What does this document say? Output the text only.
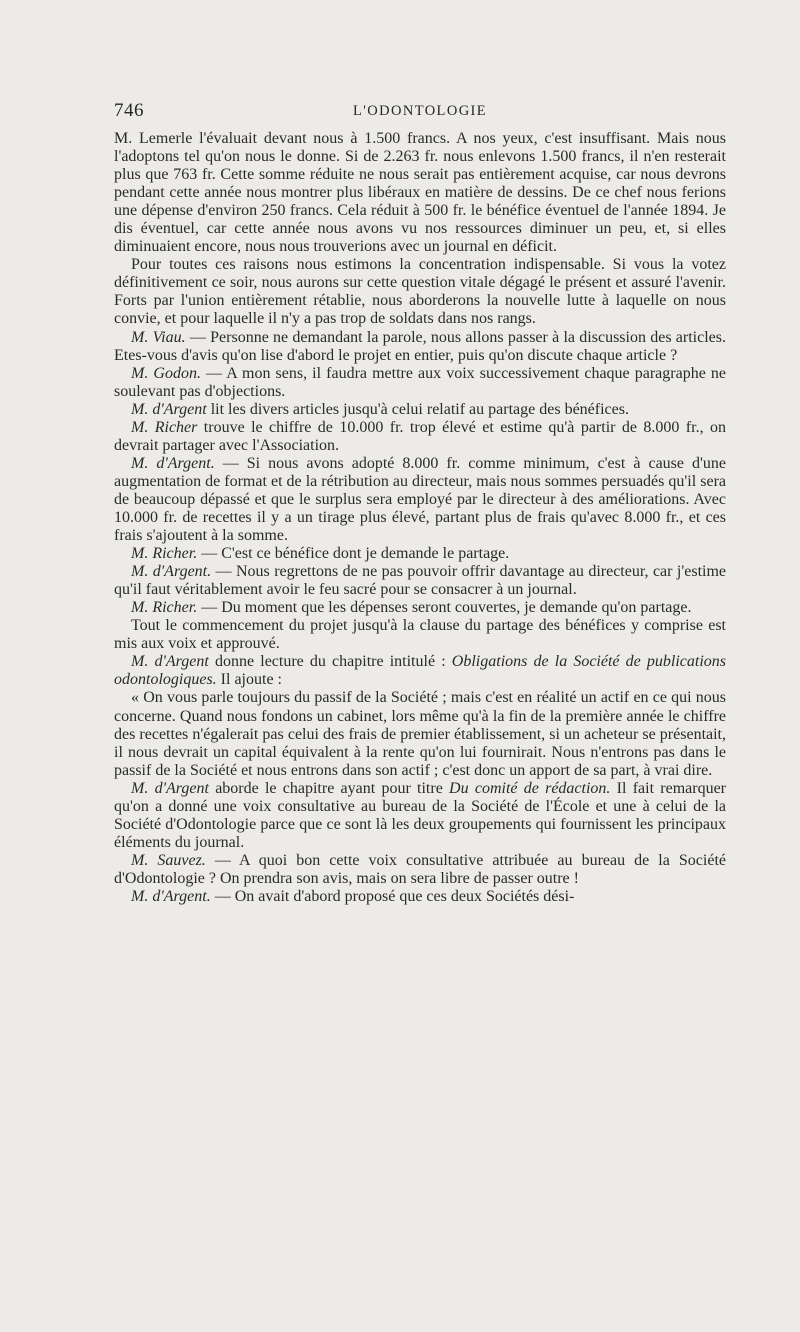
746	L'ODONTOLOGIE

M. Lemerle l'évaluait devant nous à 1.500 francs. A nos yeux, c'est insuffisant. Mais nous l'adoptons tel qu'on nous le donne. Si de 2.263 fr. nous enlevons 1.500 francs, il n'en resterait plus que 763 fr. Cette somme réduite ne nous serait pas entièrement acquise, car nous devrons pendant cette année nous montrer plus libéraux en matière de dessins. De ce chef nous ferions une dépense d'environ 250 francs. Cela réduit à 500 fr. le bénéfice éventuel de l'année 1894. Je dis éventuel, car cette année nous avons vu nos ressources diminuer un peu, et, si elles diminuaient encore, nous nous trouverions avec un journal en déficit.

Pour toutes ces raisons nous estimons la concentration indispensable. Si vous la votez définitivement ce soir, nous aurons sur cette question vitale dégagé le présent et assuré l'avenir. Forts par l'union entièrement rétablie, nous aborderons la nouvelle lutte à laquelle on nous convie, et pour laquelle il n'y a pas trop de soldats dans nos rangs.

M. Viau. — Personne ne demandant la parole, nous allons passer à la discussion des articles. Etes-vous d'avis qu'on lise d'abord le projet en entier, puis qu'on discute chaque article ?

M. Godon. — A mon sens, il faudra mettre aux voix successivement chaque paragraphe ne soulevant pas d'objections.

M. d'Argent lit les divers articles jusqu'à celui relatif au partage des bénéfices.

M. Richer trouve le chiffre de 10.000 fr. trop élevé et estime qu'à partir de 8.000 fr., on devrait partager avec l'Association.

M. d'Argent. — Si nous avons adopté 8.000 fr. comme minimum, c'est à cause d'une augmentation de format et de la rétribution au directeur, mais nous sommes persuadés qu'il sera de beaucoup dépassé et que le surplus sera employé par le directeur à des améliorations. Avec 10.000 fr. de recettes il y a un tirage plus élevé, partant plus de frais qu'avec 8.000 fr., et ces frais s'ajoutent à la somme.

M. Richer. — C'est ce bénéfice dont je demande le partage.

M. d'Argent. — Nous regrettons de ne pas pouvoir offrir davantage au directeur, car j'estime qu'il faut véritablement avoir le feu sacré pour se consacrer à un journal.

M. Richer. — Du moment que les dépenses seront couvertes, je demande qu'on partage.

Tout le commencement du projet jusqu'à la clause du partage des bénéfices y comprise est mis aux voix et approuvé.

M. d'Argent donne lecture du chapitre intitulé : Obligations de la Société de publications odontologiques. Il ajoute :

« On vous parle toujours du passif de la Société ; mais c'est en réalité un actif en ce qui nous concerne. Quand nous fondons un cabinet, lors même qu'à la fin de la première année le chiffre des recettes n'égalerait pas celui des frais de premier établissement, si un acheteur se présentait, il nous devrait un capital équivalent à la rente qu'on lui fournirait. Nous n'entrons pas dans le passif de la Société et nous entrons dans son actif ; c'est donc un apport de sa part, à vrai dire.

M. d'Argent aborde le chapitre ayant pour titre Du comité de rédaction. Il fait remarquer qu'on a donné une voix consultative au bureau de la Société de l'École et une à celui de la Société d'Odontologie parce que ce sont là les deux groupements qui fournissent les principaux éléments du journal.

M. Sauvez. — A quoi bon cette voix consultative attribuée au bureau de la Société d'Odontologie ? On prendra son avis, mais on sera libre de passer outre !

M. d'Argent. — On avait d'abord proposé que ces deux Sociétés dési-
